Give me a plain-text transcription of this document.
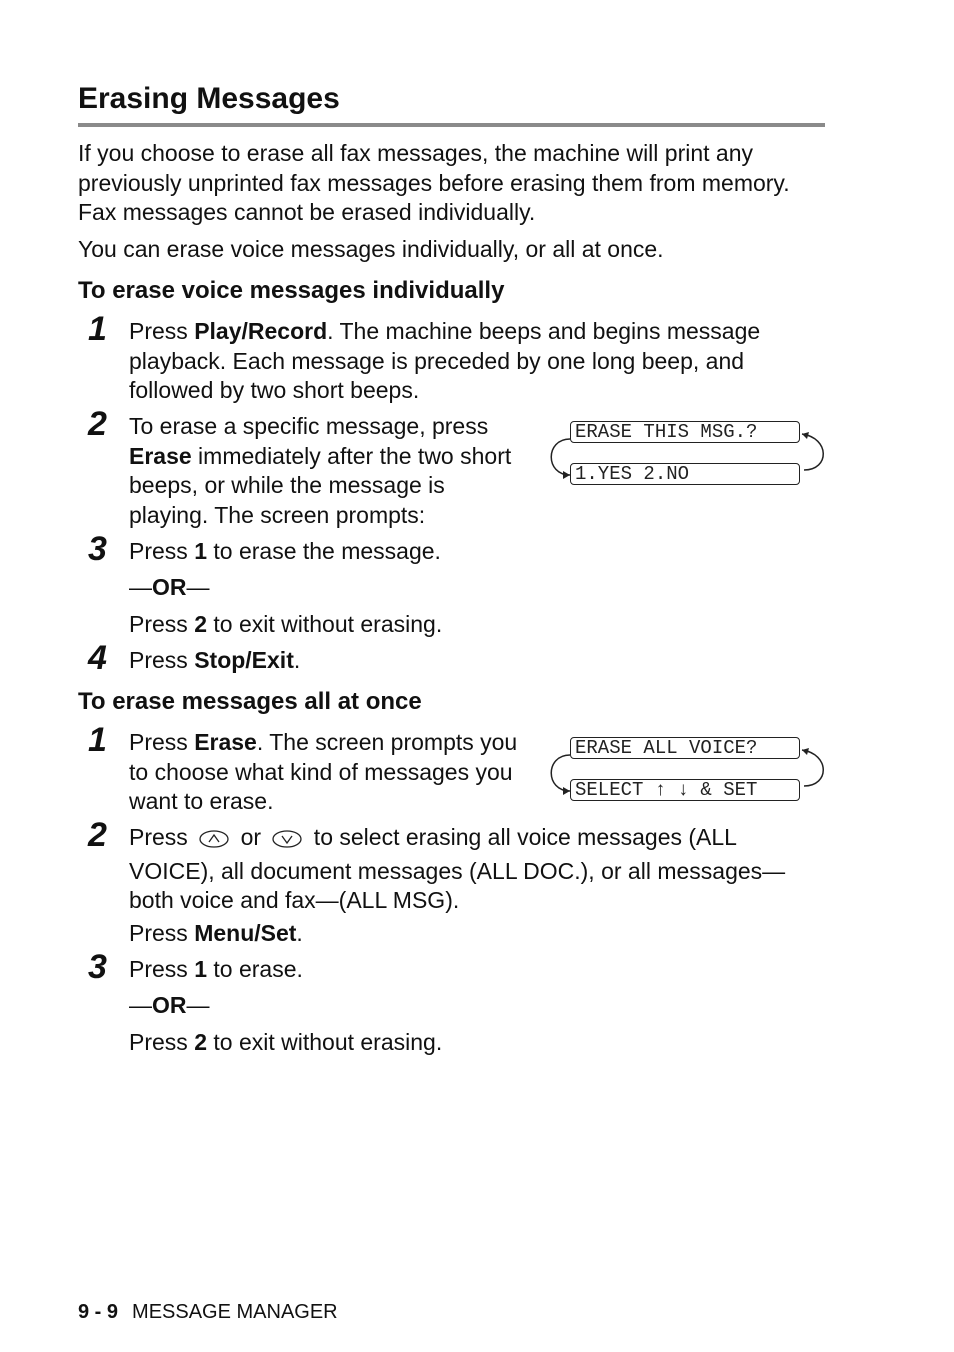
Erasing Messages

If you choose to erase all fax messages, the machine will print any previously unprinted fax messages before erasing them from memory. Fax messages cannot be erased individually.

You can erase voice messages individually, or all at once.

To erase voice messages individually
1 Press Play/Record. The machine beeps and begins message playback. Each message is preceded by one long beep, and followed by two short beeps.

2 To erase a specific message, press Erase immediately after the two short beeps, or while the message is playing. The screen prompts:

ERASE THIS MSG.?
1.YES 2.NO
3 Press 1 to erase the message.

—OR—

Press 2 to exit without erasing.

4 Press Stop/Exit.

To erase messages all at once
1 Press Erase. The screen prompts you to choose what kind of messages you want to erase.

ERASE ALL VOICE?
SELECT ↑ ↓ & SET
2 Press  or  to select erasing all voice messages (ALL VOICE), all document messages (ALL DOC.), or all messages—both voice and fax—(ALL MSG).

Press Menu/Set.

3 Press 1 to erase.

—OR—

Press 2 to exit without erasing.

9 - 9 MESSAGE MANAGER
